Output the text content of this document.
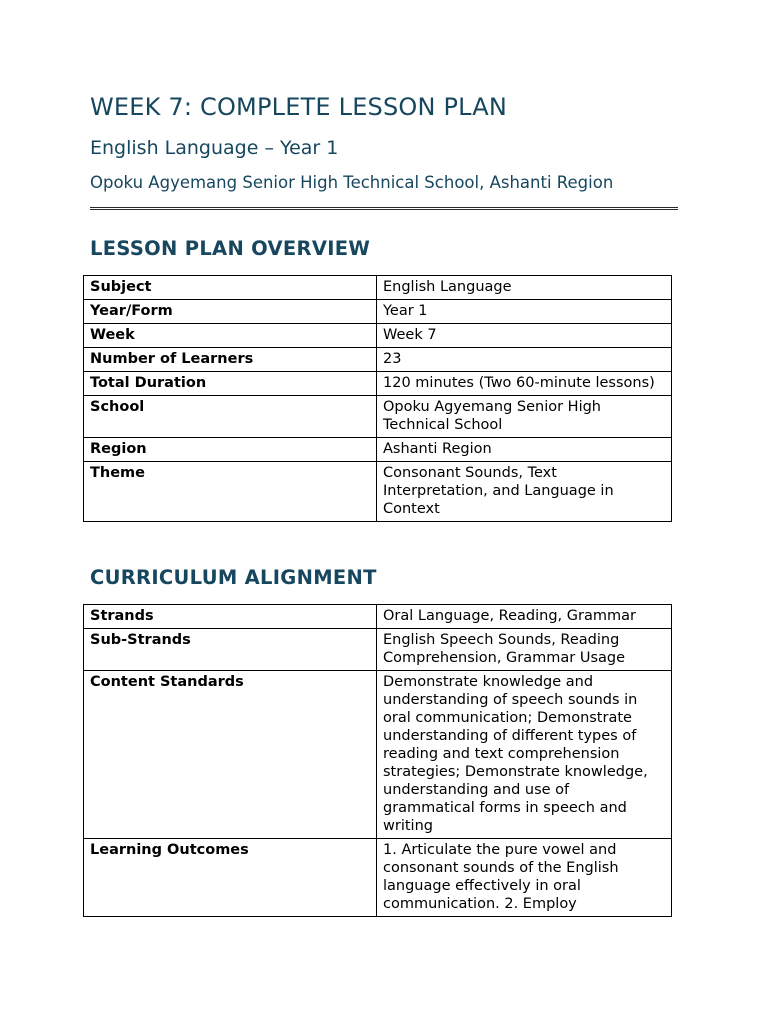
WEEK 7: COMPLETE LESSON PLAN
English Language – Year 1
Opoku Agyemang Senior High Technical School, Ashanti Region
LESSON PLAN OVERVIEW
Subject	English Language
Year/Form	Year 1
Week	Week 7
Number of Learners	23
Total Duration	120 minutes (Two 60-minute lessons)
School	Opoku Agyemang Senior High Technical School
Region	Ashanti Region
Theme	Consonant Sounds, Text Interpretation, and Language in Context
CURRICULUM ALIGNMENT
Strands	Oral Language, Reading, Grammar
Sub-Strands	English Speech Sounds, Reading Comprehension, Grammar Usage
Content Standards	Demonstrate knowledge and understanding of speech sounds in oral communication; Demonstrate understanding of different types of reading and text comprehension strategies; Demonstrate knowledge, understanding and use of grammatical forms in speech and writing
Learning Outcomes	1. Articulate the pure vowel and consonant sounds of the English language effectively in oral communication. 2. Employ
